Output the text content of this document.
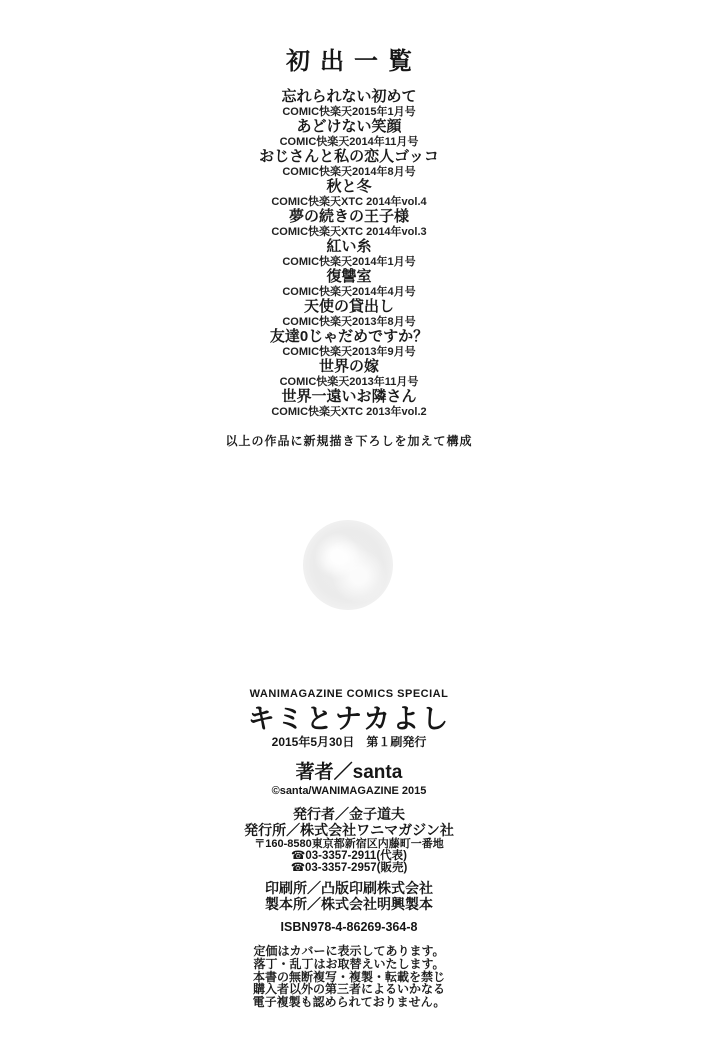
初出一覧
忘れられない初めて
COMIC快楽天2015年1月号
あどけない笑顔
COMIC快楽天2014年11月号
おじさんと私の恋人ゴッコ
COMIC快楽天2014年8月号
秋と冬
COMIC快楽天XTC 2014年vol.4
夢の続きの王子様
COMIC快楽天XTC 2014年vol.3
紅い糸
COMIC快楽天2014年1月号
復讐室
COMIC快楽天2014年4月号
天使の貸出し
COMIC快楽天2013年8月号
友達0じゃだめですか？
COMIC快楽天2013年9月号
世界の嫁
COMIC快楽天2013年11月号
世界一遠いお隣さん
COMIC快楽天XTC 2013年vol.2
以上の作品に新規描き下ろしを加えて構成
WANIMAGAZINE COMICS SPECIAL
キミとナカよし
2015年5月30日　第１刷発行
著者／santa
©santa/WANIMAGAZINE 2015
発行者／金子道夫
発行所／株式会社ワニマガジン社
〒160-8580東京都新宿区内藤町一番地
☎03-3357-2911(代表)
☎03-3357-2957(販売)
印刷所／凸版印刷株式会社
製本所／株式会社明興製本
ISBN978-4-86269-364-8
定価はカバーに表示してあります。
落丁・乱丁はお取替えいたします。
本書の無断複写・複製・転載を禁じ
購入者以外の第三者によるいかなる
電子複製も認められておりません。
